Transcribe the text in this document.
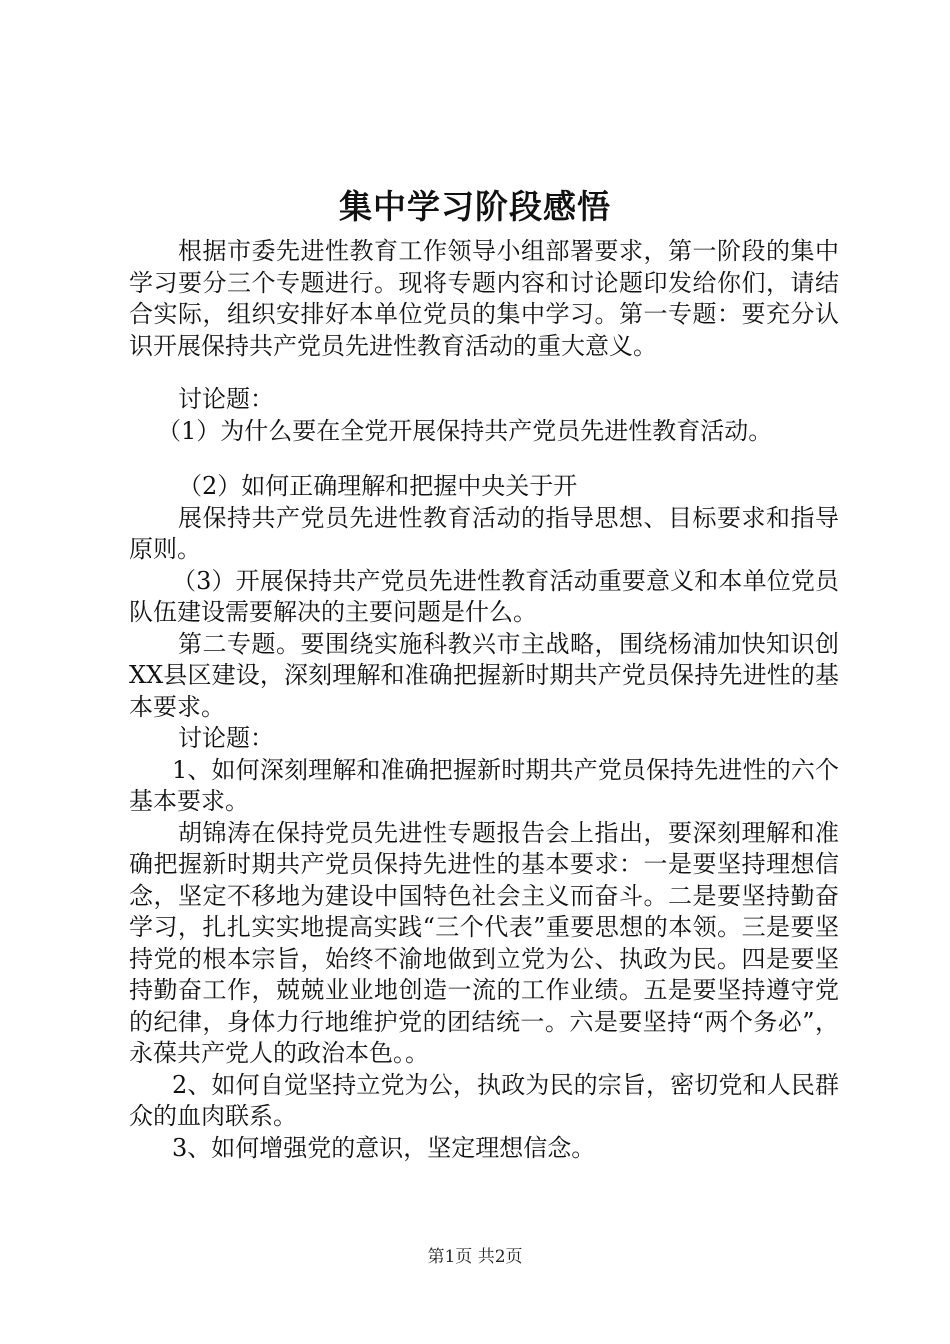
集中学习阶段感悟

根据市委先进性教育工作领导小组部署要求，第一阶段的集中学习要分三个专题进行。现将专题内容和讨论题印发给你们，请结合实际，组织安排好本单位党员的集中学习。第一专题：要充分认识开展保持共产党员先进性教育活动的重大意义。

讨论题：

（1）为什么要在全党开展保持共产党员先进性教育活动。

（2）如何正确理解和把握中央关于开

展保持共产党员先进性教育活动的指导思想、目标要求和指导原则。

（3）开展保持共产党员先进性教育活动重要意义和本单位党员队伍建设需要解决的主要问题是什么。

第二专题。要围绕实施科教兴市主战略，围绕杨浦加快知识创XX县区建设，深刻理解和准确把握新时期共产党员保持先进性的基本要求。

讨论题：

1、如何深刻理解和准确把握新时期共产党员保持先进性的六个基本要求。

胡锦涛在保持党员先进性专题报告会上指出，要深刻理解和准确把握新时期共产党员保持先进性的基本要求：一是要坚持理想信念，坚定不移地为建设中国特色社会主义而奋斗。二是要坚持勤奋学习，扎扎实实地提高实践“三个代表”重要思想的本领。三是要坚持党的根本宗旨，始终不渝地做到立党为公、执政为民。四是要坚持勤奋工作，兢兢业业地创造一流的工作业绩。五是要坚持遵守党的纪律，身体力行地维护党的团结统一。六是要坚持“两个务必”，永葆共产党人的政治本色。。

2、如何自觉坚持立党为公，执政为民的宗旨，密切党和人民群众的血肉联系。

3、如何增强党的意识，坚定理想信念。

第1页 共2页
